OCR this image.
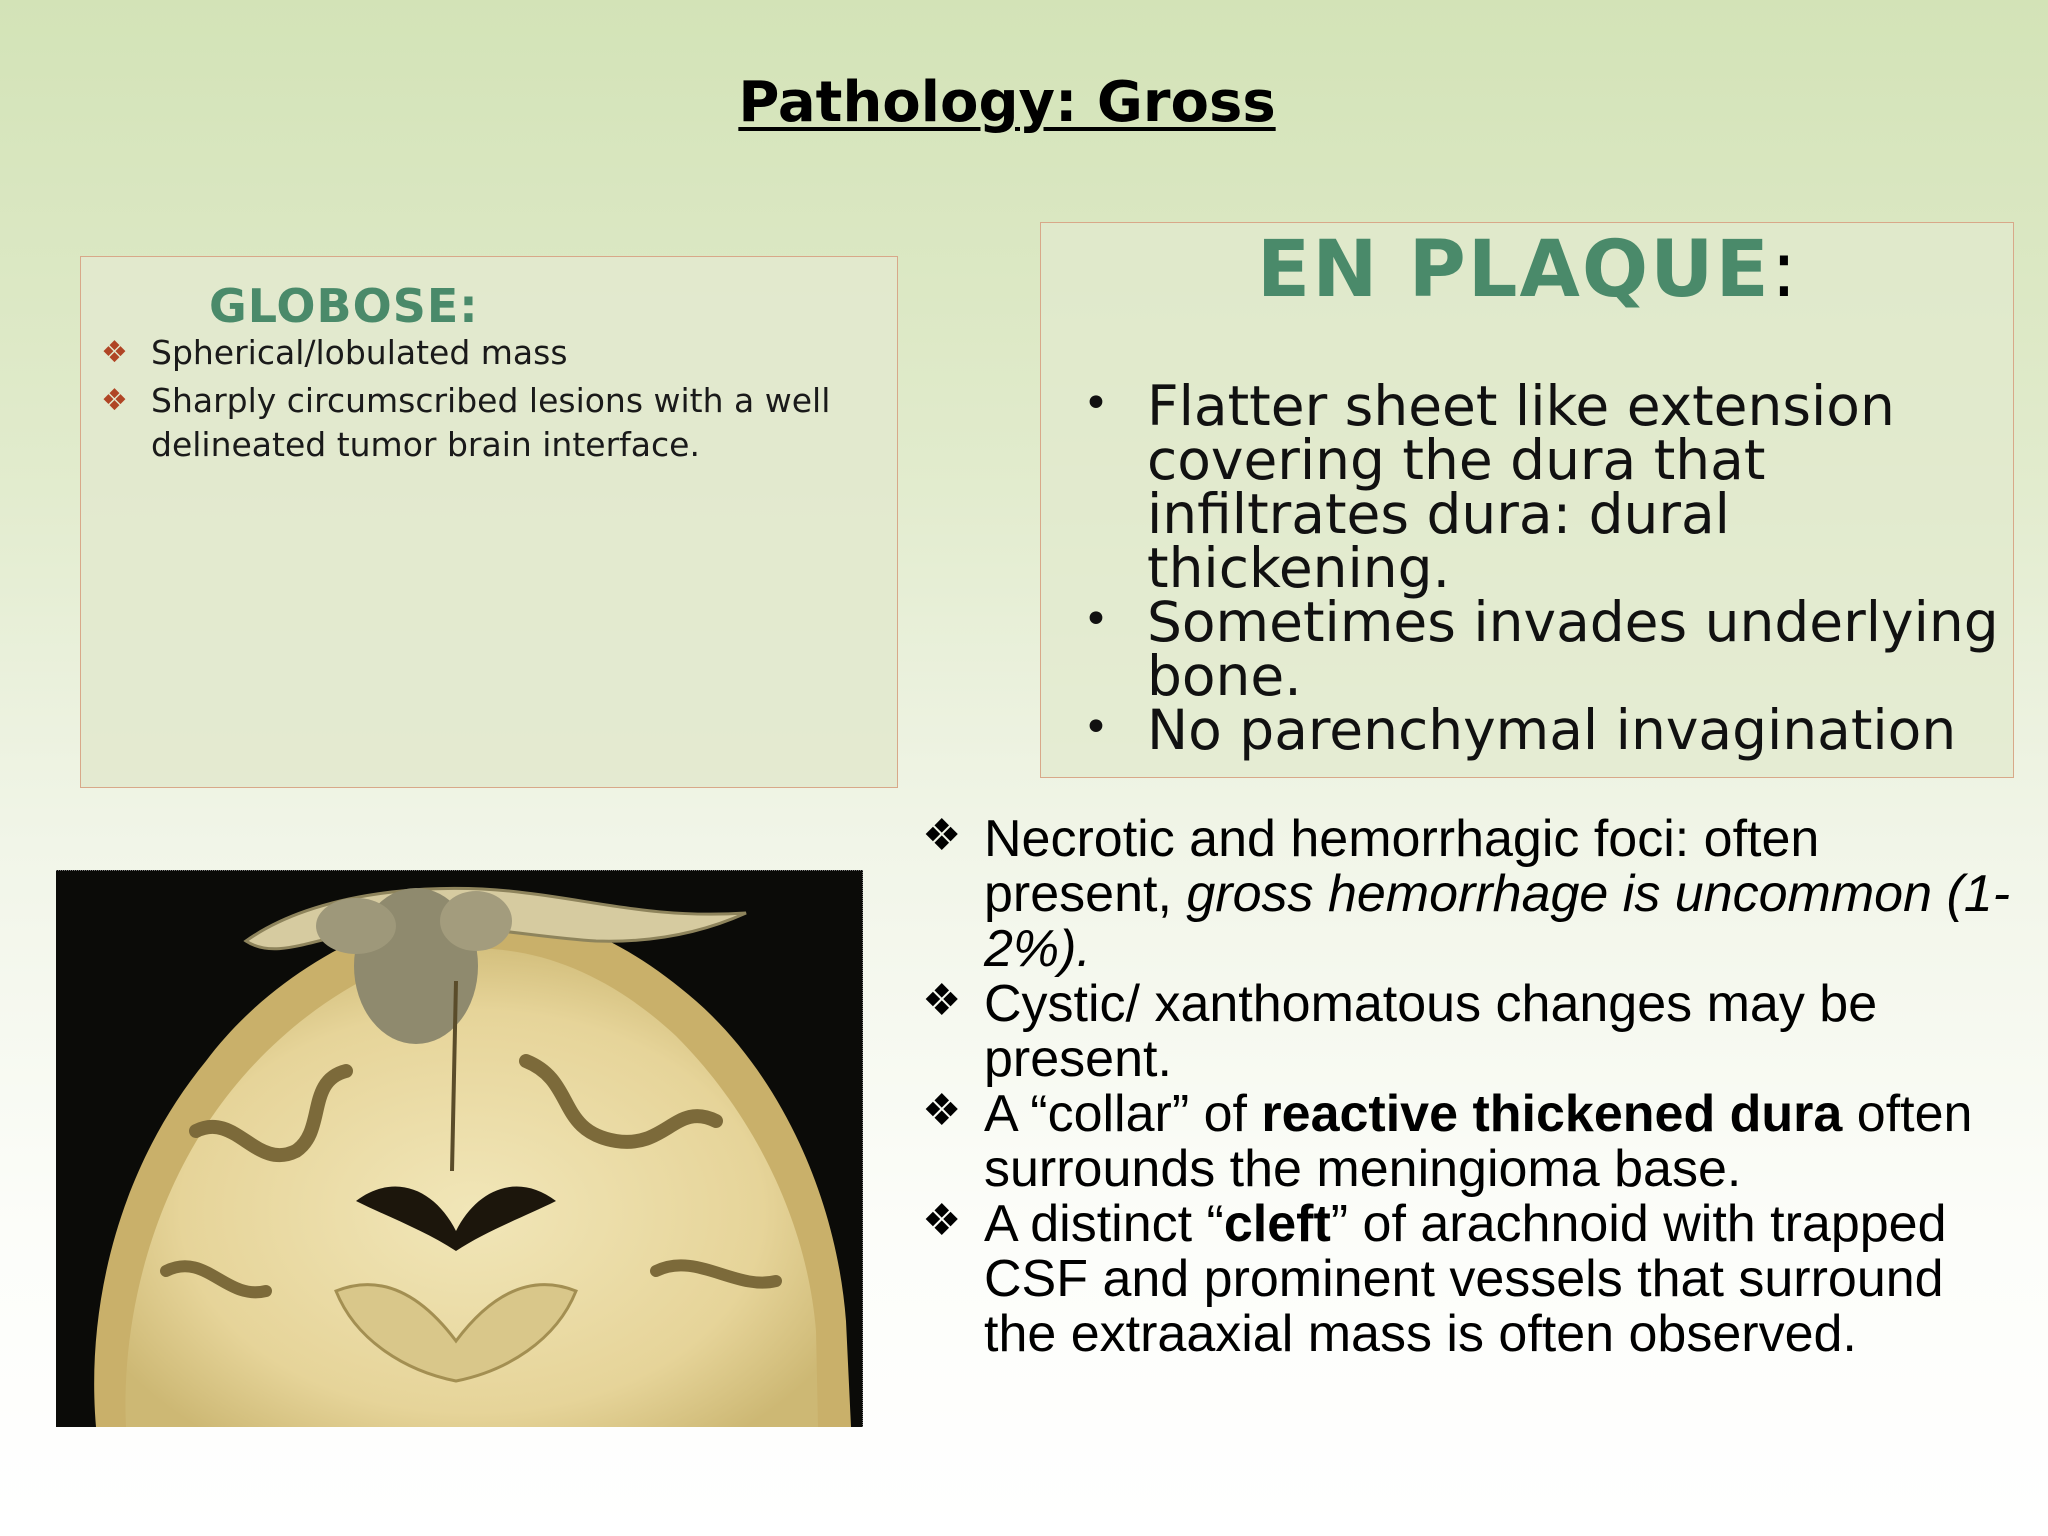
Pathology: Gross
GLOBOSE:
❖ Spherical/lobulated mass
❖ Sharply circumscribed lesions with a well delineated tumor brain interface.
EN PLAQUE:
• Flatter sheet like extension covering the dura that infiltrates dura: dural thickening.
• Sometimes invades underlying bone.
• No parenchymal invagination
❖ Necrotic and hemorrhagic foci: often present, gross hemorrhage is uncommon (1-2%).
❖ Cystic/ xanthomatous changes may be present.
❖ A “collar” of reactive thickened dura often surrounds the meningioma base.
❖ A distinct “cleft” of arachnoid with trapped CSF and prominent vessels that surround the extraaxial mass is often observed.
